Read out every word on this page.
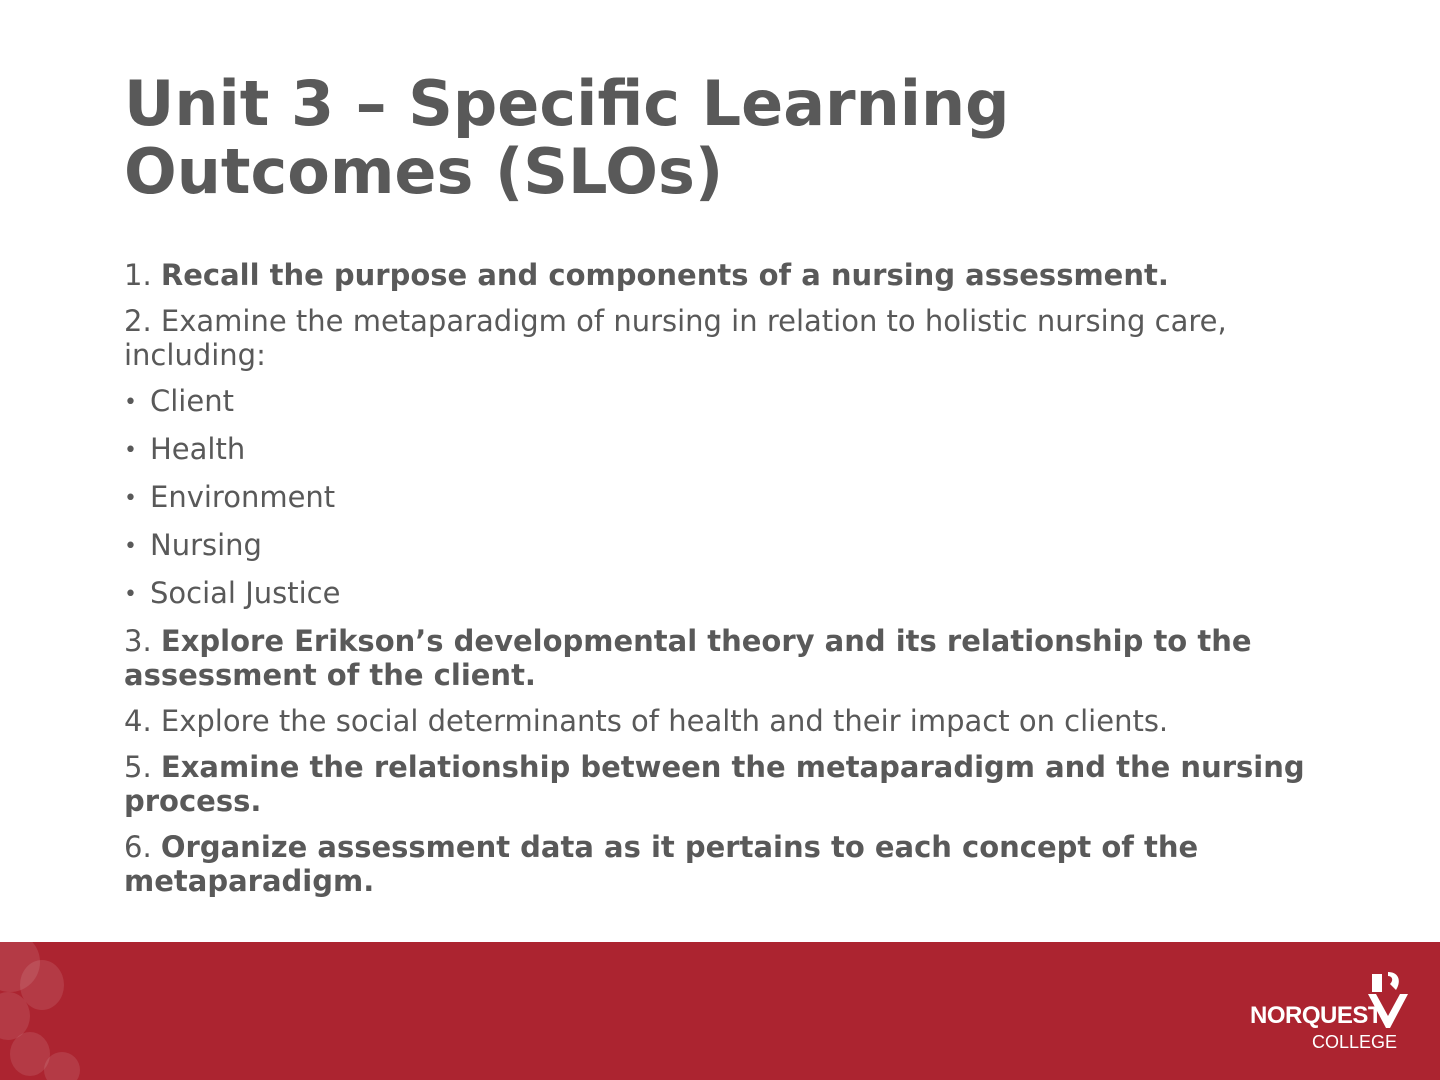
Unit 3 – Specific Learning
Outcomes (SLOs)

1. Recall the purpose and components of a nursing assessment.

2. Examine the metaparadigm of nursing in relation to holistic nursing care, including:

• Client

• Health

• Environment

• Nursing

• Social Justice

3. Explore Erikson’s developmental theory and its relationship to the assessment of the client.

4. Explore the social determinants of health and their impact on clients.

5. Examine the relationship between the metaparadigm and the nursing process.

6. Organize assessment data as it pertains to each concept of the metaparadigm.

NORQUEST
COLLEGE
